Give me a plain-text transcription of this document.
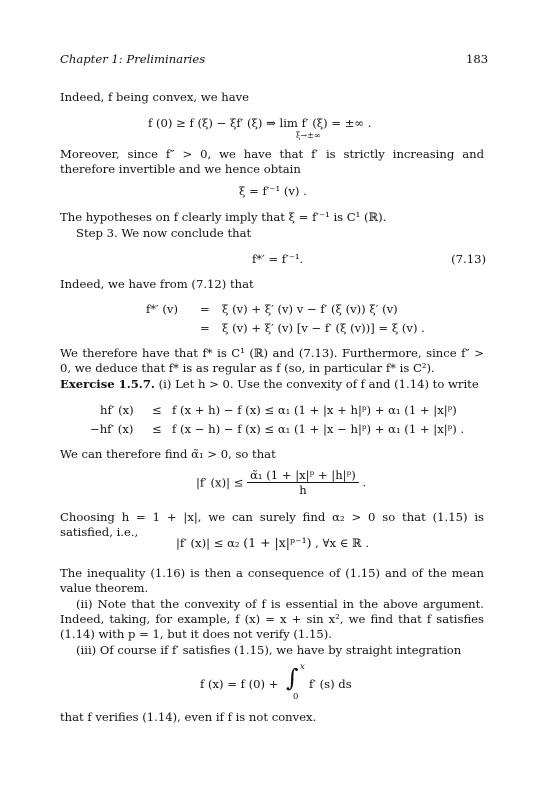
Chapter 1: Preliminaries	183
Indeed, f being convex, we have
f (0) ≥ f (ξ) − ξf′ (ξ) ⇒ lim f′ (ξ) = ±∞ .
ξ→±∞
Moreover, since f″ > 0, we have that f′ is strictly increasing and therefore invertible and we hence obtain
ξ = f′⁻¹ (v) .
The hypotheses on f clearly imply that ξ = f′⁻¹ is C¹ (ℝ).
Step 3. We now conclude that
f*′ = f′⁻¹.	(7.13)
Indeed, we have from (7.12) that
f*′ (v) = ξ (v) + ξ′ (v) v − f′ (ξ (v)) ξ′ (v)
= ξ (v) + ξ′ (v) [v − f′ (ξ (v))] = ξ (v) .
We therefore have that f* is C¹ (ℝ) and (7.13). Furthermore, since f″ > 0, we deduce that f* is as regular as f (so, in particular f* is C²).
Exercise 1.5.7. (i) Let h > 0. Use the convexity of f and (1.14) to write
hf′ (x) ≤ f (x + h) − f (x) ≤ α₁ (1 + |x + h|ᵖ) + α₁ (1 + |x|ᵖ)
−hf′ (x) ≤ f (x − h) − f (x) ≤ α₁ (1 + |x − h|ᵖ) + α₁ (1 + |x|ᵖ) .
We can therefore find α̃₁ > 0, so that
|f′ $(x)| \le \frac{\text{α̃₁ (1 + |x|ᵖ + |h|ᵖ)}}{h}$ .
Choosing h = 1 + |x|, we can surely find α₂ > 0 so that (1.15) is satisfied, i.e.,
|f′ (x)| ≤ α₂ (1 + |x|ᵖ⁻¹) , ∀x ∈ ℝ .
The inequality (1.16) is then a consequence of (1.15) and of the mean value theorem.
(ii) Note that the convexity of f is essential in the above argument. Indeed, taking, for example, f (x) = x + sin x², we find that f satisfies (1.14) with p = 1, but it does not verify (1.15).
(iii) Of course if f′ satisfies (1.15), we have by straight integration
f (x) = f (0) + ∫ x
0
f′ (s) ds
that f verifies (1.14), even if f is not convex.
